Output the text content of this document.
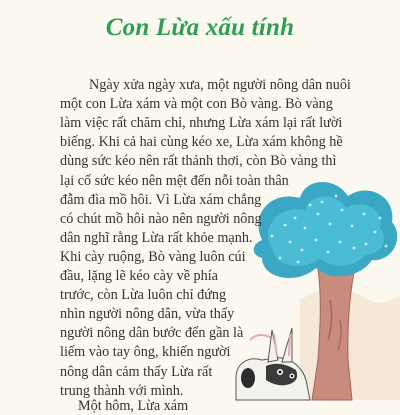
Con Lừa xấu tính
Ngày xửa ngày xưa, một người nông dân nuôi
một con Lừa xám và một con Bò vàng. Bò vàng
làm việc rất chăm chỉ, nhưng Lừa xám lại rất lười
biếng. Khi cả hai cùng kéo xe, Lừa xám không hề
dùng sức kéo nên rất thảnh thơi, còn Bò vàng thì
lại cố sức kéo nên mệt đến nỗi toàn thân
đẫm đìa mồ hôi. Vì Lừa xám chẳng
có chút mồ hôi nào nên người nông
dân nghĩ rằng Lừa rất khỏe mạnh.
Khi cày ruộng, Bò vàng luôn cúi
đầu, lặng lẽ kéo cày về phía
trước, còn Lừa luôn chỉ đứng
nhìn người nông dân, vừa thấy
người nông dân bước đến gần là
liếm vào tay ông, khiến người
nông dân cảm thấy Lừa rất
trung thành với mình.
Một hôm, Lừa xám
